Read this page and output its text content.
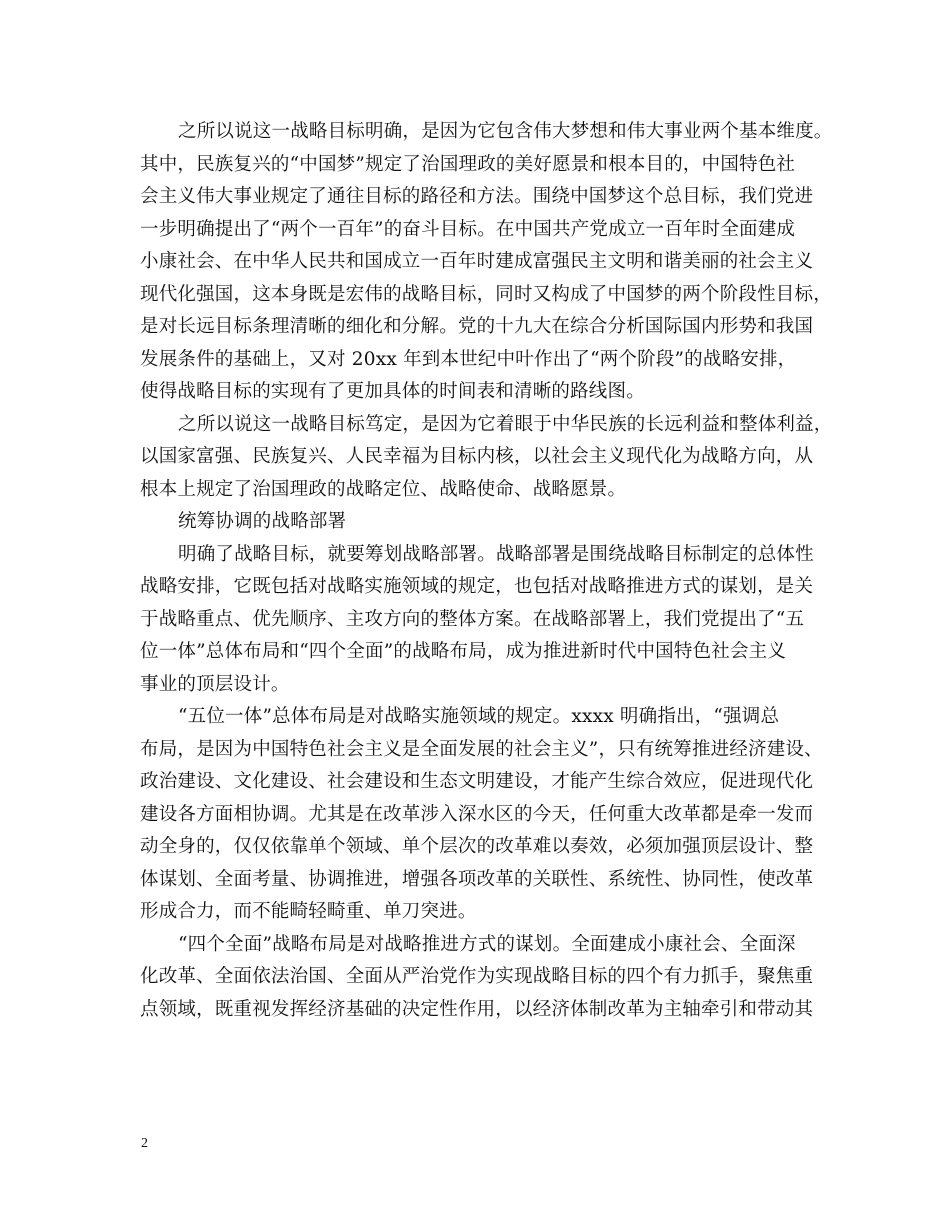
之所以说这一战略目标明确，是因为它包含伟大梦想和伟大事业两个基本维度。
其中，民族复兴的“中国梦”规定了治国理政的美好愿景和根本目的，中国特色社
会主义伟大事业规定了通往目标的路径和方法。围绕中国梦这个总目标，我们党进
一步明确提出了“两个一百年”的奋斗目标。在中国共产党成立一百年时全面建成
小康社会、在中华人民共和国成立一百年时建成富强民主文明和谐美丽的社会主义
现代化强国，这本身既是宏伟的战略目标，同时又构成了中国梦的两个阶段性目标，
是对长远目标条理清晰的细化和分解。党的十九大在综合分析国际国内形势和我国
发展条件的基础上，又对 20xx 年到本世纪中叶作出了“两个阶段”的战略安排，
使得战略目标的实现有了更加具体的时间表和清晰的路线图。
之所以说这一战略目标笃定，是因为它着眼于中华民族的长远利益和整体利益，
以国家富强、民族复兴、人民幸福为目标内核，以社会主义现代化为战略方向，从
根本上规定了治国理政的战略定位、战略使命、战略愿景。
统筹协调的战略部署
明确了战略目标，就要筹划战略部署。战略部署是围绕战略目标制定的总体性
战略安排，它既包括对战略实施领域的规定，也包括对战略推进方式的谋划，是关
于战略重点、优先顺序、主攻方向的整体方案。在战略部署上，我们党提出了“五
位一体”总体布局和“四个全面”的战略布局，成为推进新时代中国特色社会主义
事业的顶层设计。
“五位一体”总体布局是对战略实施领域的规定。xxxx 明确指出，“强调总
布局，是因为中国特色社会主义是全面发展的社会主义”，只有统筹推进经济建设、
政治建设、文化建设、社会建设和生态文明建设，才能产生综合效应，促进现代化
建设各方面相协调。尤其是在改革涉入深水区的今天，任何重大改革都是牵一发而
动全身的，仅仅依靠单个领域、单个层次的改革难以奏效，必须加强顶层设计、整
体谋划、全面考量、协调推进，增强各项改革的关联性、系统性、协同性，使改革
形成合力，而不能畸轻畸重、单刀突进。
“四个全面”战略布局是对战略推进方式的谋划。全面建成小康社会、全面深
化改革、全面依法治国、全面从严治党作为实现战略目标的四个有力抓手，聚焦重
点领域，既重视发挥经济基础的决定性作用，以经济体制改革为主轴牵引和带动其
2
